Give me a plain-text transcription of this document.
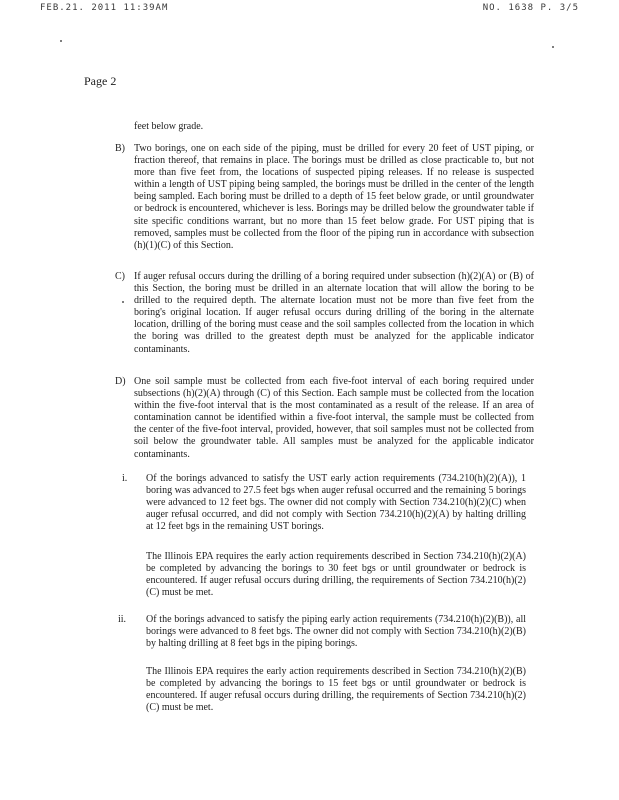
FEB.21. 2011 11:39AM	NO. 1638 P. 3/5
Page 2

feet below grade.

B) Two borings, one on each side of the piping, must be drilled for every 20 feet of UST piping, or fraction thereof, that remains in place. The borings must be drilled as close practicable to, but not more than five feet from, the locations of suspected piping releases. If no release is suspected within a length of UST piping being sampled, the borings must be drilled in the center of the length being sampled. Each boring must be drilled to a depth of 15 feet below grade, or until groundwater or bedrock is encountered, whichever is less. Borings may be drilled below the groundwater table if site specific conditions warrant, but no more than 15 feet below grade. For UST piping that is removed, samples must be collected from the floor of the piping run in accordance with subsection (h)(1)(C) of this Section.

C) If auger refusal occurs during the drilling of a boring required under subsection (h)(2)(A) or (B) of this Section, the boring must be drilled in an alternate location that will allow the boring to be drilled to the required depth. The alternate location must not be more than five feet from the boring's original location. If auger refusal occurs during drilling of the boring in the alternate location, drilling of the boring must cease and the soil samples collected from the location in which the boring was drilled to the greatest depth must be analyzed for the applicable indicator contaminants.

D) One soil sample must be collected from each five-foot interval of each boring required under subsections (h)(2)(A) through (C) of this Section. Each sample must be collected from the location within the five-foot interval that is the most contaminated as a result of the release. If an area of contamination cannot be identified within a five-foot interval, the sample must be collected from the center of the five-foot interval, provided, however, that soil samples must not be collected from soil below the groundwater table. All samples must be analyzed for the applicable indicator contaminants.

i. Of the borings advanced to satisfy the UST early action requirements (734.210(h)(2)(A)), 1 boring was advanced to 27.5 feet bgs when auger refusal occurred and the remaining 5 borings were advanced to 12 feet bgs. The owner did not comply with Section 734.210(h)(2)(C) when auger refusal occurred, and did not comply with Section 734.210(h)(2)(A) by halting drilling at 12 feet bgs in the remaining UST borings.

The Illinois EPA requires the early action requirements described in Section 734.210(h)(2)(A) be completed by advancing the borings to 30 feet bgs or until groundwater or bedrock is encountered. If auger refusal occurs during drilling, the requirements of Section 734.210(h)(2)(C) must be met.

ii. Of the borings advanced to satisfy the piping early action requirements (734.210(h)(2)(B)), all borings were advanced to 8 feet bgs. The owner did not comply with Section 734.210(h)(2)(B) by halting drilling at 8 feet bgs in the piping borings.

The Illinois EPA requires the early action requirements described in Section 734.210(h)(2)(B) be completed by advancing the borings to 15 feet bgs or until groundwater or bedrock is encountered. If auger refusal occurs during drilling, the requirements of Section 734.210(h)(2)(C) must be met.
